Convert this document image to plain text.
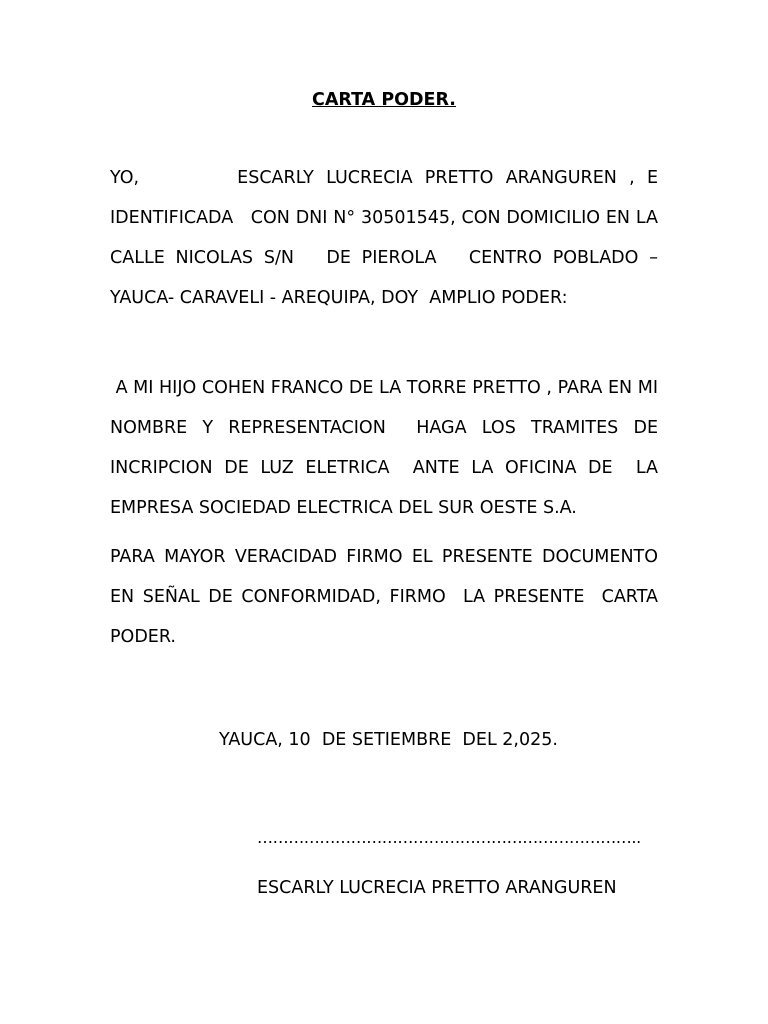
CARTA PODER.

YO,        ESCARLY LUCRECIA PRETTO ARANGUREN , E IDENTIFICADA   CON DNI N° 30501545, CON DOMICILIO EN LA CALLE NICOLAS S/N   DE PIEROLA   CENTRO POBLADO – YAUCA- CARAVELI - AREQUIPA, DOY  AMPLIO PODER:

A MI HIJO COHEN FRANCO DE LA TORRE PRETTO , PARA EN MI NOMBRE Y REPRESENTACION  HAGA LOS TRAMITES DE INCRIPCION DE LUZ ELETRICA  ANTE LA OFICINA DE  LA EMPRESA SOCIEDAD ELECTRICA DEL SUR OESTE S.A.

PARA MAYOR VERACIDAD FIRMO EL PRESENTE DOCUMENTO EN SEÑAL DE CONFORMIDAD, FIRMO  LA PRESENTE  CARTA PODER.

YAUCA, 10  DE SETIEMBRE  DEL 2,025.
………………………………………………………………..
ESCARLY LUCRECIA PRETTO ARANGUREN
